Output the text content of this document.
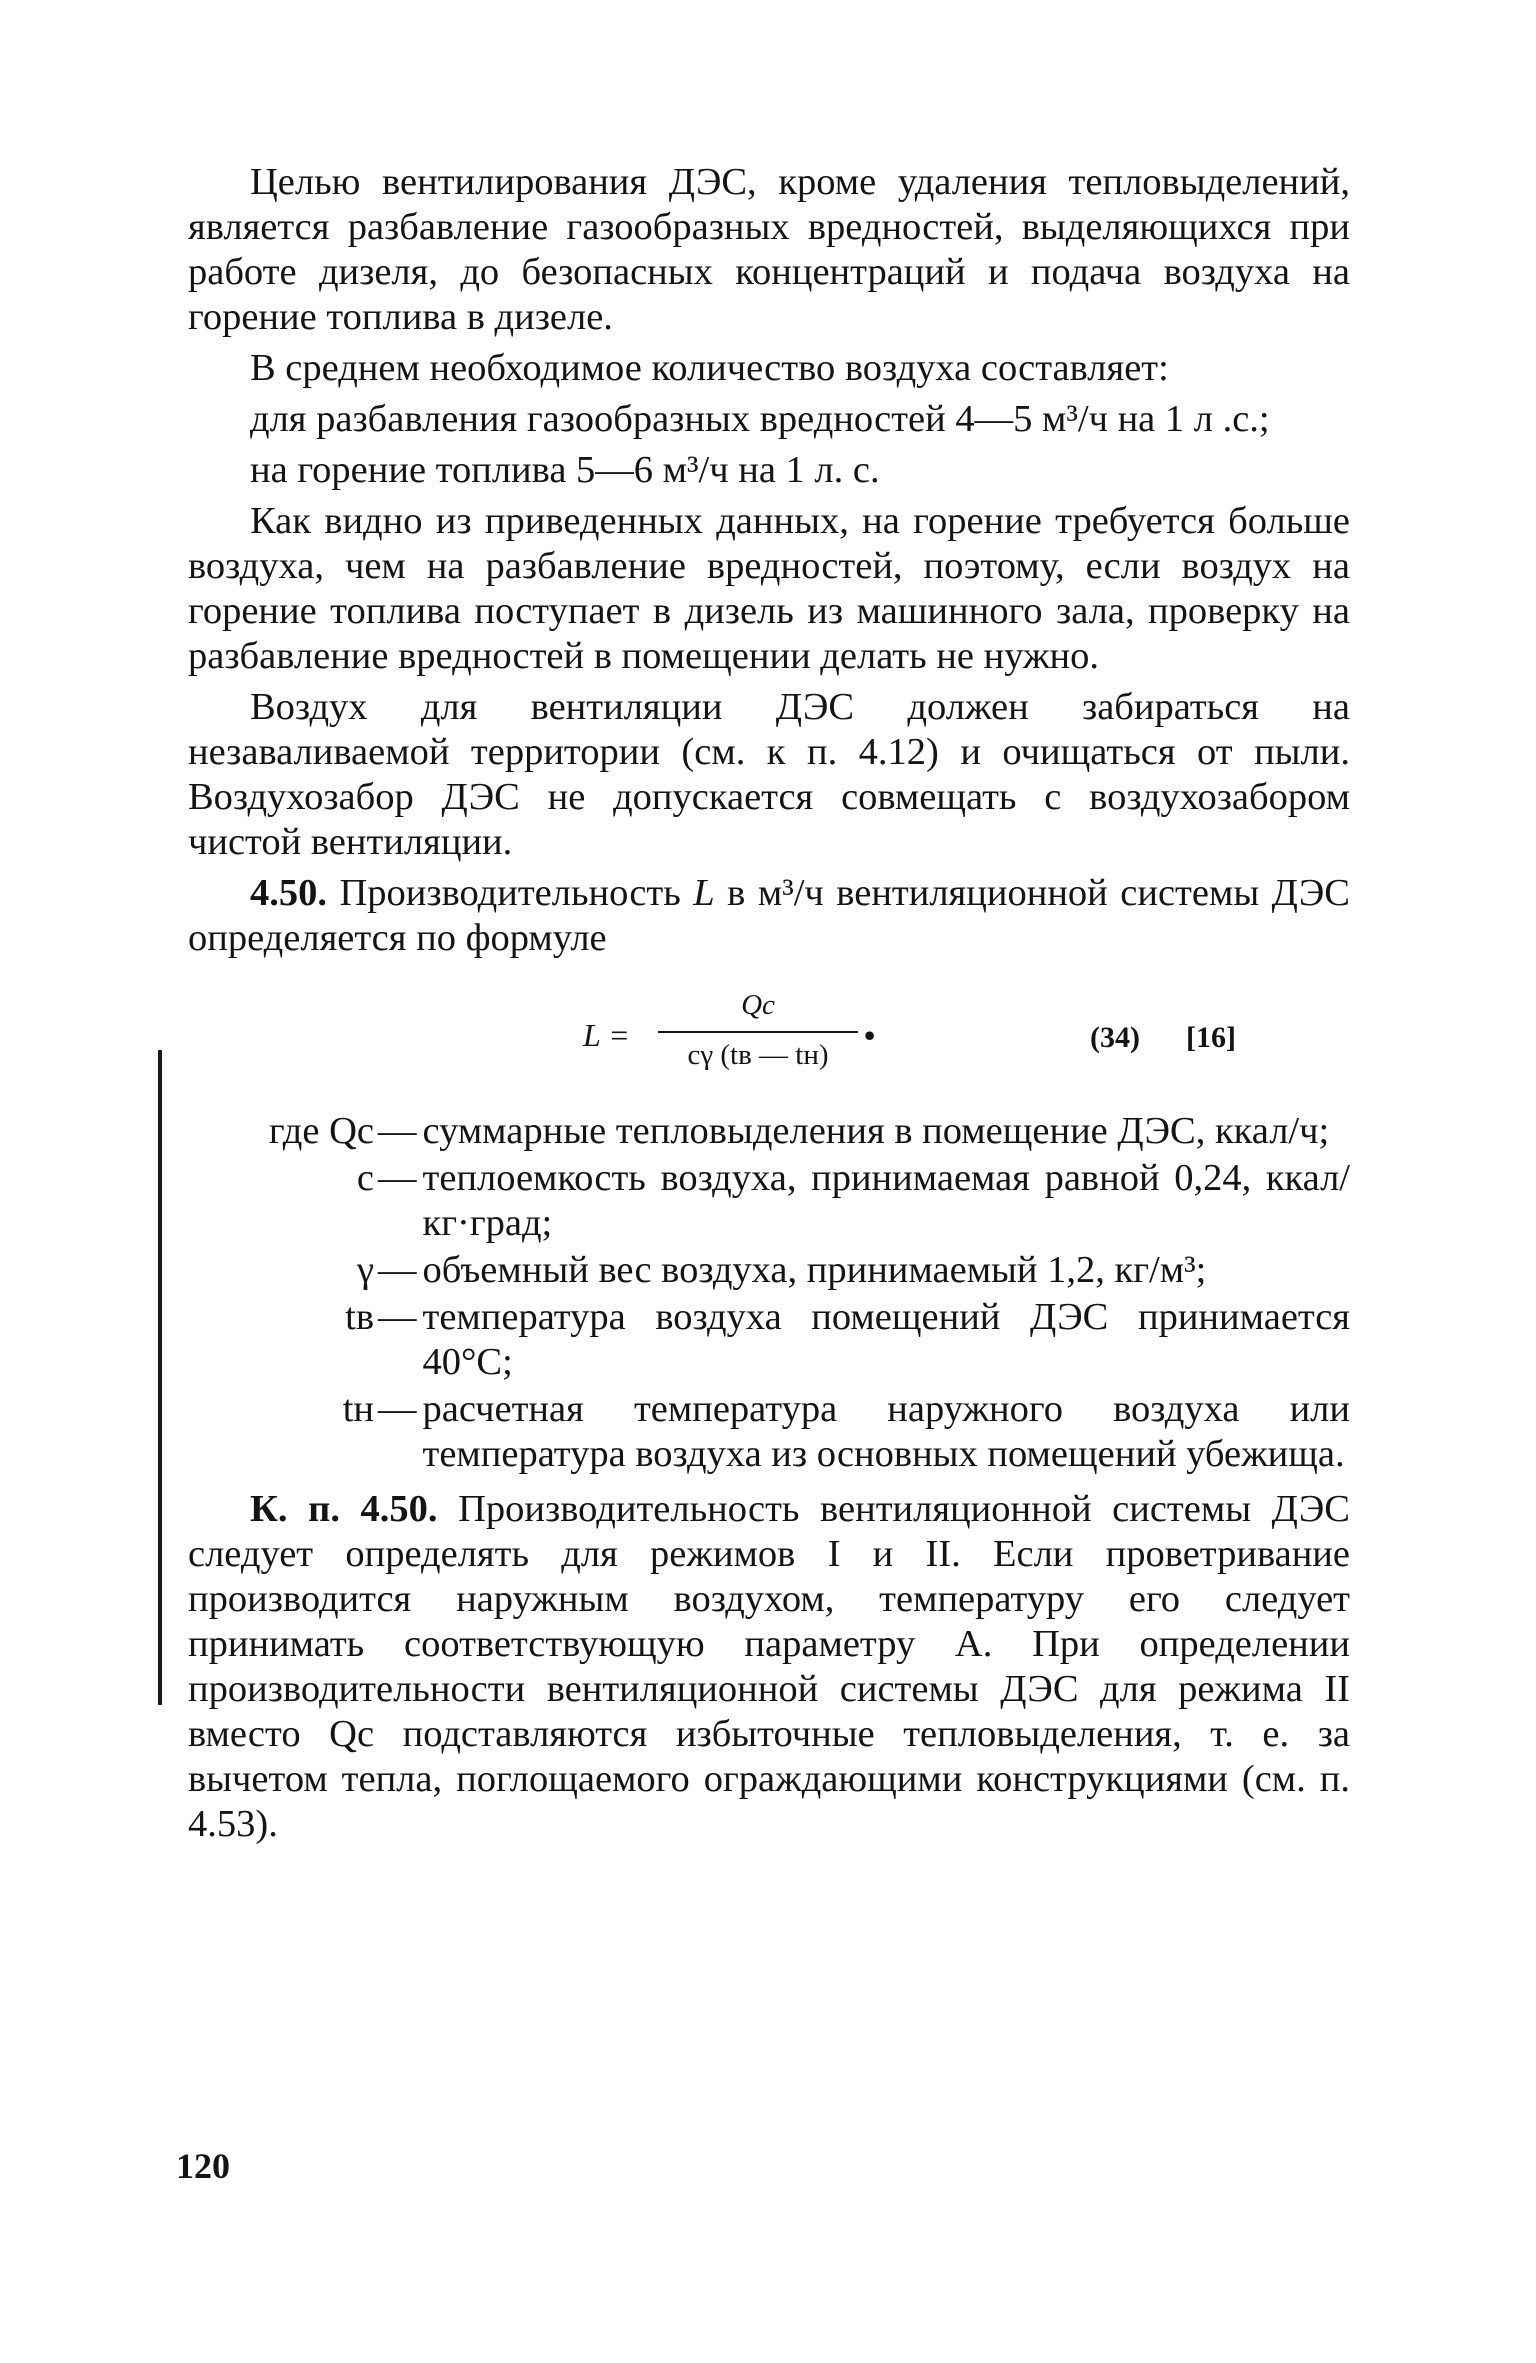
Целью вентилирования ДЭС, кроме удаления тепловыделений, является разбавление газообразных вредностей, выделяющихся при работе дизеля, до безопасных концентраций и подача воздуха на горение топлива в дизеле.

В среднем необходимое количество воздуха составляет:

для разбавления газообразных вредностей 4—5 м³/ч на 1 л .с.;

на горение топлива 5—6 м³/ч на 1 л. с.

Как видно из приведенных данных, на горение требуется больше воздуха, чем на разбавление вредностей, поэтому, если воздух на горение топлива поступает в дизель из машинного зала, проверку на разбавление вредностей в помещении делать не нужно.

Воздух для вентиляции ДЭС должен забираться на незаваливаемой территории (см. к п. 4.12) и очищаться от пыли. Воздухозабор ДЭС не допускается совмещать с воздухозабором чистой вентиляции.

4.50. Производительность L в м³/ч вентиляционной системы ДЭС определяется по формуле

L =
Qc
cγ (tв — tн)
•	(34) [16]
где Qc — суммарные тепловыделения в помещение ДЭС, ккал/ч;
c — теплоемкость воздуха, принимаемая равной 0,24, ккал/кг·град;
γ — объемный вес воздуха, принимаемый 1,2, кг/м³;
tв — температура воздуха помещений ДЭС принимается 40°С;
tн — расчетная температура наружного воздуха или температура воздуха из основных помещений убежища.

К. п. 4.50. Производительность вентиляционной системы ДЭС следует определять для режимов I и II. Если проветривание производится наружным воздухом, температуру его следует принимать соответствующую параметру А. При определении производительности вентиляционной системы ДЭС для режима II вместо Qc подставляются избыточные тепловыделения, т. е. за вычетом тепла, поглощаемого ограждающими конструкциями (см. п. 4.53).

120
